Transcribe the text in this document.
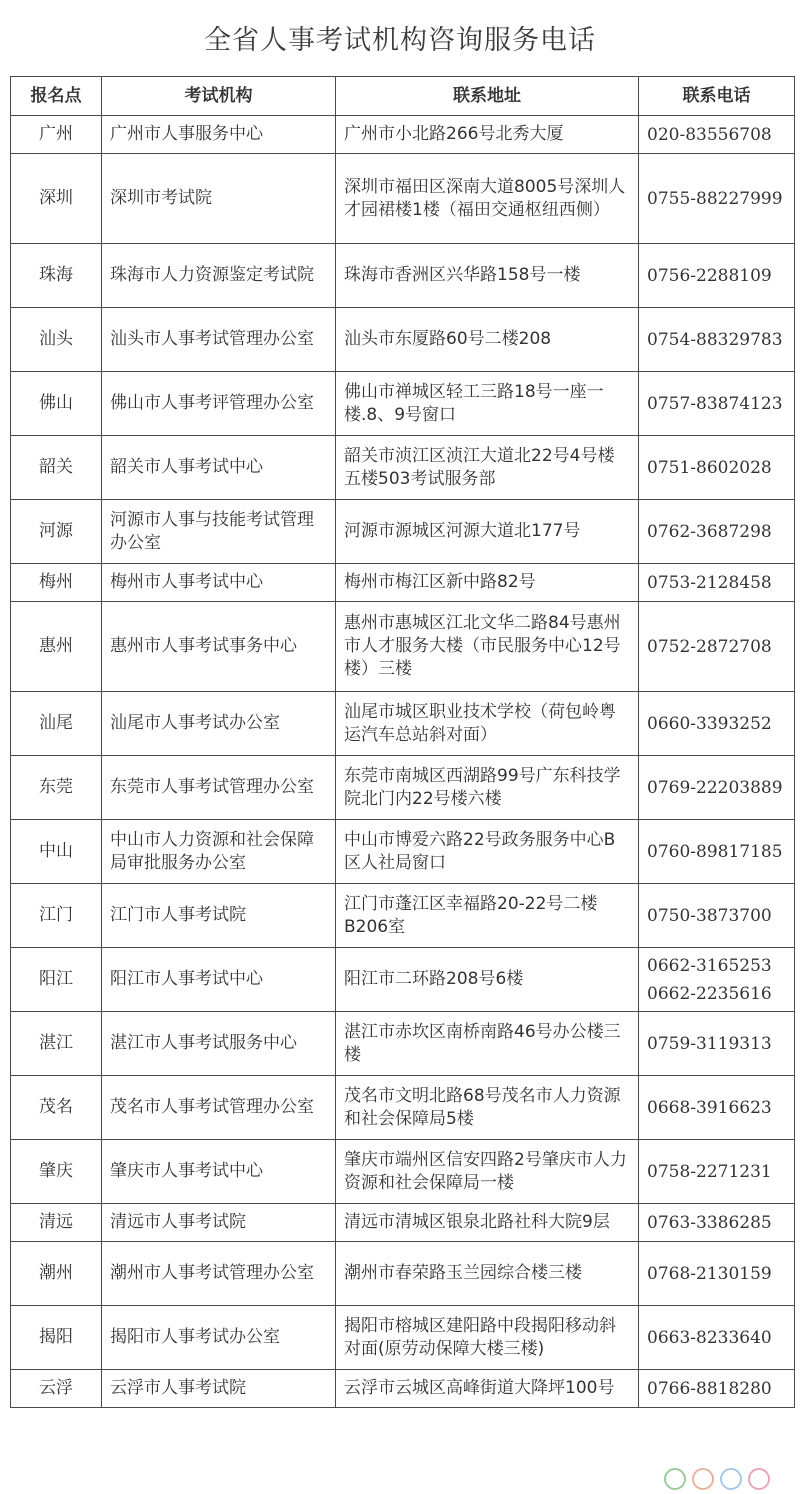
全省人事考试机构咨询服务电话
报名点	考试机构	联系地址	联系电话
广州	广州市人事服务中心	广州市小北路266号北秀大厦	020-83556708

深圳	深圳市考试院	深圳市福田区深南大道8005号深圳人才园裙楼1楼（福田交通枢纽西侧）	0755-88227999

珠海	珠海市人力资源鉴定考试院	珠海市香洲区兴华路158号一楼	0756-2288109

汕头	汕头市人事考试管理办公室	汕头市东厦路60号二楼208	0754-88329783

佛山	佛山市人事考评管理办公室	佛山市禅城区轻工三路18号一座一楼.8、9号窗口	0757-83874123

韶关	韶关市人事考试中心	韶关市浈江区浈江大道北22号4号楼五楼503考试服务部	0751-8602028

河源	河源市人事与技能考试管理办公室	河源市源城区河源大道北177号	0762-3687298

梅州	梅州市人事考试中心	梅州市梅江区新中路82号	0753-2128458

惠州	惠州市人事考试事务中心	惠州市惠城区江北文华二路84号惠州市人才服务大楼（市民服务中心12号楼）三楼	0752-2872708

汕尾	汕尾市人事考试办公室	汕尾市城区职业技术学校（荷包岭粤运汽车总站斜对面）	0660-3393252

东莞	东莞市人事考试管理办公室	东莞市南城区西湖路99号广东科技学院北门内22号楼六楼	0769-22203889

中山	中山市人力资源和社会保障局审批服务办公室	中山市博爱六路22号政务服务中心B区人社局窗口	0760-89817185

江门	江门市人事考试院	江门市蓬江区幸福路20-22号二楼B206室	0750-3873700

阳江	阳江市人事考试中心	阳江市二环路208号6楼	0662-3165253
0662-2235616

湛江	湛江市人事考试服务中心	湛江市赤坎区南桥南路46号办公楼三楼	0759-3119313

茂名	茂名市人事考试管理办公室	茂名市文明北路68号茂名市人力资源和社会保障局5楼	0668-3916623

肇庆	肇庆市人事考试中心	肇庆市端州区信安四路2号肇庆市人力资源和社会保障局一楼	0758-2271231

清远	清远市人事考试院	清远市清城区银泉北路社科大院9层	0763-3386285

潮州	潮州市人事考试管理办公室	潮州市春荣路玉兰园综合楼三楼	0768-2130159

揭阳	揭阳市人事考试办公室	揭阳市榕城区建阳路中段揭阳移动斜对面(原劳动保障大楼三楼)	0663-8233640

云浮	云浮市人事考试院	云浮市云城区高峰街道大降坪100号	0766-8818280
